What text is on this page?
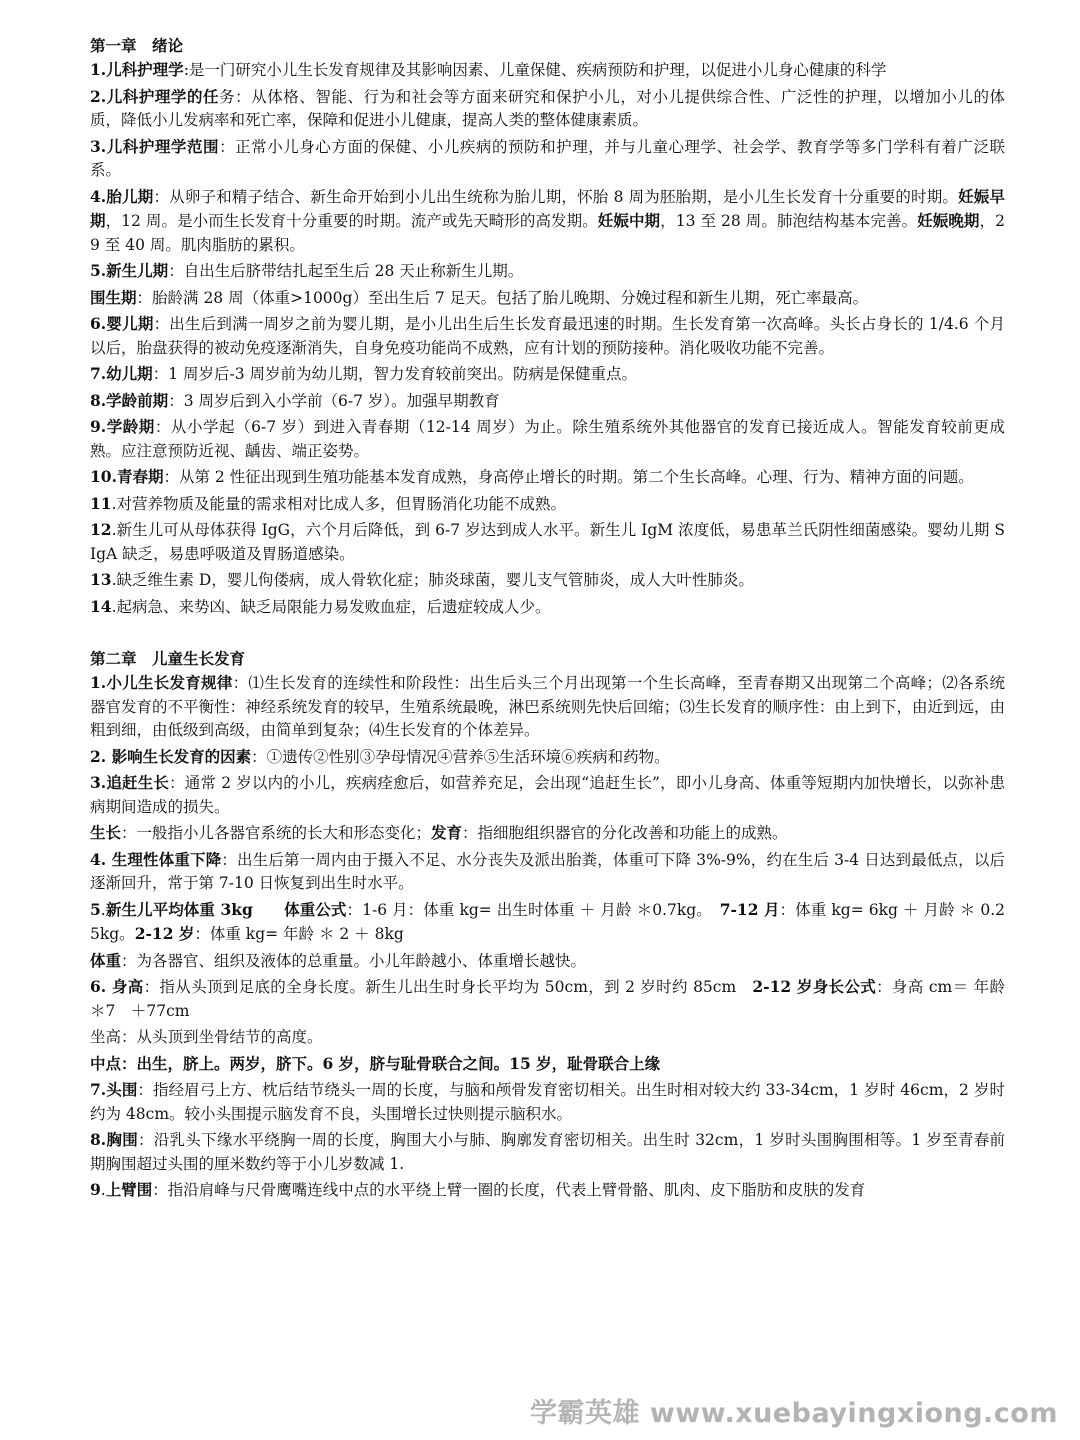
第一章　绪论
1.儿科护理学:是一门研究小儿生长发育规律及其影响因素、儿童保健、疾病预防和护理，以促进小儿身心健康的科学
2.儿科护理学的任务：从体格、智能、行为和社会等方面来研究和保护小儿，对小儿提供综合性、广泛性的护理，以增加小儿的体质，降低小儿发病率和死亡率，保障和促进小儿健康，提高人类的整体健康素质。
3.儿科护理学范围：正常小儿身心方面的保健、小儿疾病的预防和护理，并与儿童心理学、社会学、教育学等多门学科有着广泛联系。
4.胎儿期：从卵子和精子结合、新生命开始到小儿出生统称为胎儿期，怀胎 8 周为胚胎期，是小儿生长发育十分重要的时期。妊娠早期，12 周。是小而生长发育十分重要的时期。流产或先天畸形的高发期。妊娠中期，13 至 28 周。肺泡结构基本完善。妊娠晚期，29 至 40 周。肌肉脂肪的累积。
5.新生儿期：自出生后脐带结扎起至生后 28 天止称新生儿期。
围生期：胎龄满 28 周（体重>1000g）至出生后 7 足天。包括了胎儿晚期、分娩过程和新生儿期，死亡率最高。
6.婴儿期：出生后到满一周岁之前为婴儿期，是小儿出生后生长发育最迅速的时期。生长发育第一次高峰。头长占身长的 1/4.6 个月以后，胎盘获得的被动免疫逐渐消失，自身免疫功能尚不成熟，应有计划的预防接种。消化吸收功能不完善。
7.幼儿期：1 周岁后-3 周岁前为幼儿期，智力发育较前突出。防病是保健重点。
8.学龄前期：3 周岁后到入小学前（6-7 岁）。加强早期教育
9.学龄期：从小学起（6-7 岁）到进入青春期（12-14 周岁）为止。除生殖系统外其他器官的发育已接近成人。智能发育较前更成熟。应注意预防近视、龋齿、端正姿势。
10.青春期：从第 2 性征出现到生殖功能基本发育成熟，身高停止增长的时期。第二个生长高峰。心理、行为、精神方面的问题。
11.对营养物质及能量的需求相对比成人多，但胃肠消化功能不成熟。
12.新生儿可从母体获得 IgG，六个月后降低，到 6-7 岁达到成人水平。新生儿 IgM 浓度低，易患革兰氏阴性细菌感染。婴幼儿期 SIgA 缺乏，易患呼吸道及胃肠道感染。
13.缺乏维生素 D，婴儿佝偻病，成人骨软化症；肺炎球菌，婴儿支气管肺炎，成人大叶性肺炎。
14.起病急、来势凶、缺乏局限能力易发败血症，后遗症较成人少。
第二章　儿童生长发育
1.小儿生长发育规律：⑴生长发育的连续性和阶段性：出生后头三个月出现第一个生长高峰，至青春期又出现第二个高峰；⑵各系统器官发育的不平衡性：神经系统发育的较早，生殖系统最晚，淋巴系统则先快后回缩；⑶生长发育的顺序性：由上到下，由近到远，由粗到细，由低级到高级，由简单到复杂；⑷生长发育的个体差异。
2. 影响生长发育的因素：①遗传②性别③孕母情况④营养⑤生活环境⑥疾病和药物。
3.追赶生长：通常 2 岁以内的小儿，疾病痊愈后，如营养充足，会出现“追赶生长”，即小儿身高、体重等短期内加快增长，以弥补患病期间造成的损失。
生长：一般指小儿各器官系统的长大和形态变化；发育：指细胞组织器官的分化改善和功能上的成熟。
4. 生理性体重下降：出生后第一周内由于摄入不足、水分丧失及派出胎粪，体重可下降 3%-9%，约在生后 3-4 日达到最低点，以后逐渐回升，常于第 7-10 日恢复到出生时水平。
5.新生儿平均体重 3kg　　体重公式：1-6 月：体重 kg= 出生时体重 ＋ 月龄 ＊0.7kg。　7-12 月：体重 kg= 6kg ＋ 月龄 ＊ 0.25kg。2-12 岁：体重 kg= 年龄 ＊ 2 ＋ 8kg
体重：为各器官、组织及液体的总重量。小儿年龄越小、体重增长越快。
6. 身高：指从头顶到足底的全身长度。新生儿出生时身长平均为 50cm，到 2 岁时约 85cm　2-12 岁身长公式：身高 cm＝ 年龄 ＊7　＋77cm
坐高：从头顶到坐骨结节的高度。
中点：出生，脐上。两岁，脐下。6 岁，脐与耻骨联合之间。15 岁，耻骨联合上缘
7.头围：指经眉弓上方、枕后结节绕头一周的长度，与脑和颅骨发育密切相关。出生时相对较大约 33-34cm，1 岁时 46cm，2 岁时约为 48cm。较小头围提示脑发育不良，头围增长过快则提示脑积水。
8.胸围：沿乳头下缘水平绕胸一周的长度，胸围大小与肺、胸廓发育密切相关。出生时 32cm，1 岁时头围胸围相等。1 岁至青春前期胸围超过头围的厘米数约等于小儿岁数减 1.
9.上臂围：指沿肩峰与尺骨鹰嘴连线中点的水平绕上臂一圈的长度，代表上臂骨骼、肌肉、皮下脂肪和皮肤的发育
学霸英雄 www.xuebayingxiong.com
